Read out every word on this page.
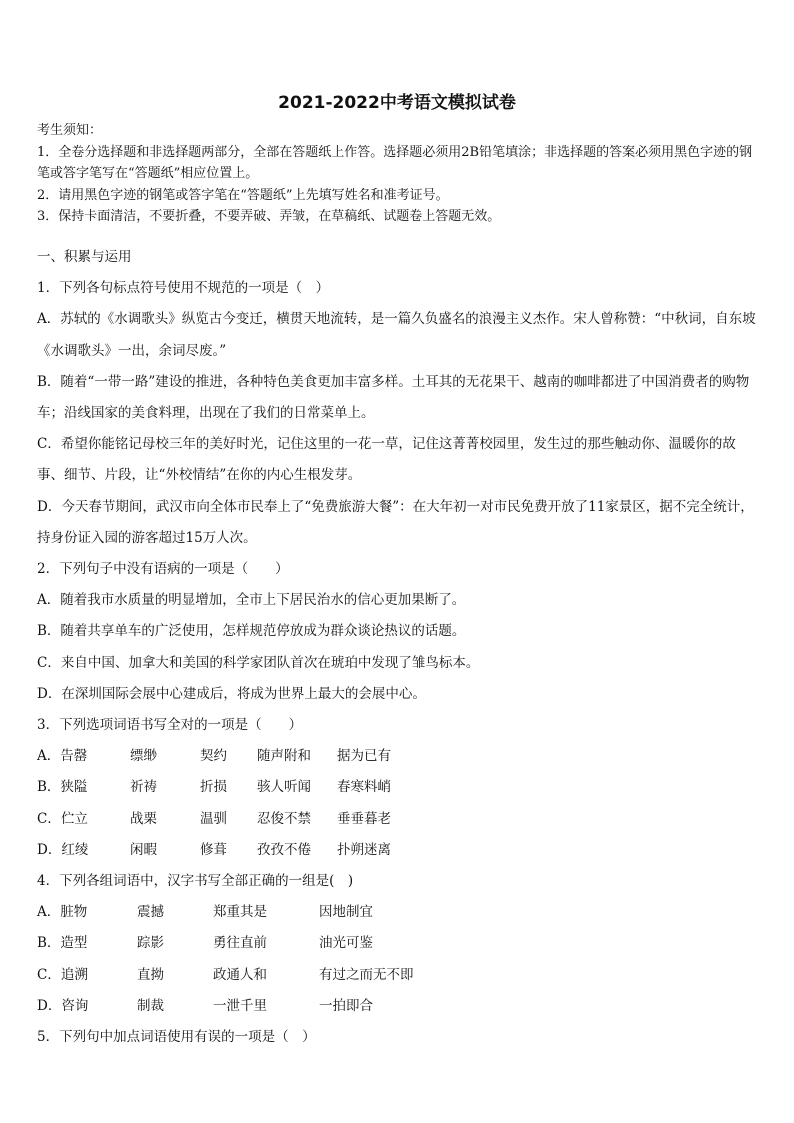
2021-2022中考语文模拟试卷

考生须知：

1．全卷分选择题和非选择题两部分，全部在答题纸上作答。选择题必须用2B铅笔填涂；非选择题的答案必须用黑色字迹的钢笔或答字笔写在“答题纸”相应位置上。

2．请用黑色字迹的钢笔或答字笔在“答题纸”上先填写姓名和准考证号。

3．保持卡面清洁，不要折叠，不要弄破、弄皱，在草稿纸、试题卷上答题无效。

一、积累与运用

1．下列各句标点符号使用不规范的一项是（　）

A．苏轼的《水调歌头》纵览古今变迁，横贯天地流转，是一篇久负盛名的浪漫主义杰作。宋人曾称赞：“中秋词，自东坡《水调歌头》一出，余词尽废。”

B．随着“一带一路”建设的推进，各种特色美食更加丰富多样。土耳其的无花果干、越南的咖啡都进了中国消费者的购物车；沿线国家的美食料理，出现在了我们的日常菜单上。

C．希望你能铭记母校三年的美好时光，记住这里的一花一草，记住这菁菁校园里，发生过的那些触动你、温暖你的故事、细节、片段，让“外校情结”在你的内心生根发芽。

D．今天春节期间，武汉市向全体市民奉上了“免费旅游大餐”：在大年初一对市民免费开放了11家景区，据不完全统计，持身份证入园的游客超过15万人次。

2．下列句子中没有语病的一项是（　　）

A．随着我市水质量的明显增加，全市上下居民治水的信心更加果断了。

B．随着共享单车的广泛使用，怎样规范停放成为群众谈论热议的话题。

C．来自中国、加拿大和美国的科学家团队首次在琥珀中发现了雏鸟标本。

D．在深圳国际会展中心建成后，将成为世界上最大的会展中心。

3．下列选项词语书写全对的一项是（　　）

A．告罄	缥缈	契约	随声附和	据为已有
B．狭隘	祈祷	折损	骇人听闻	春寒料峭
C．伫立	战栗	温驯	忍俊不禁	垂垂暮老
D．红绫	闲暇	修葺	孜孜不倦	扑朔迷离

4．下列各组词语中，汉字书写全部正确的一组是(　)

A．脏物	震撼	郑重其是	因地制宜
B．造型	踪影	勇往直前	油光可鉴
C．追溯	直拗	政通人和	有过之而无不即
D．咨询	制裁	一泄千里	一拍即合

5．下列句中加点词语使用有误的一项是（　）
